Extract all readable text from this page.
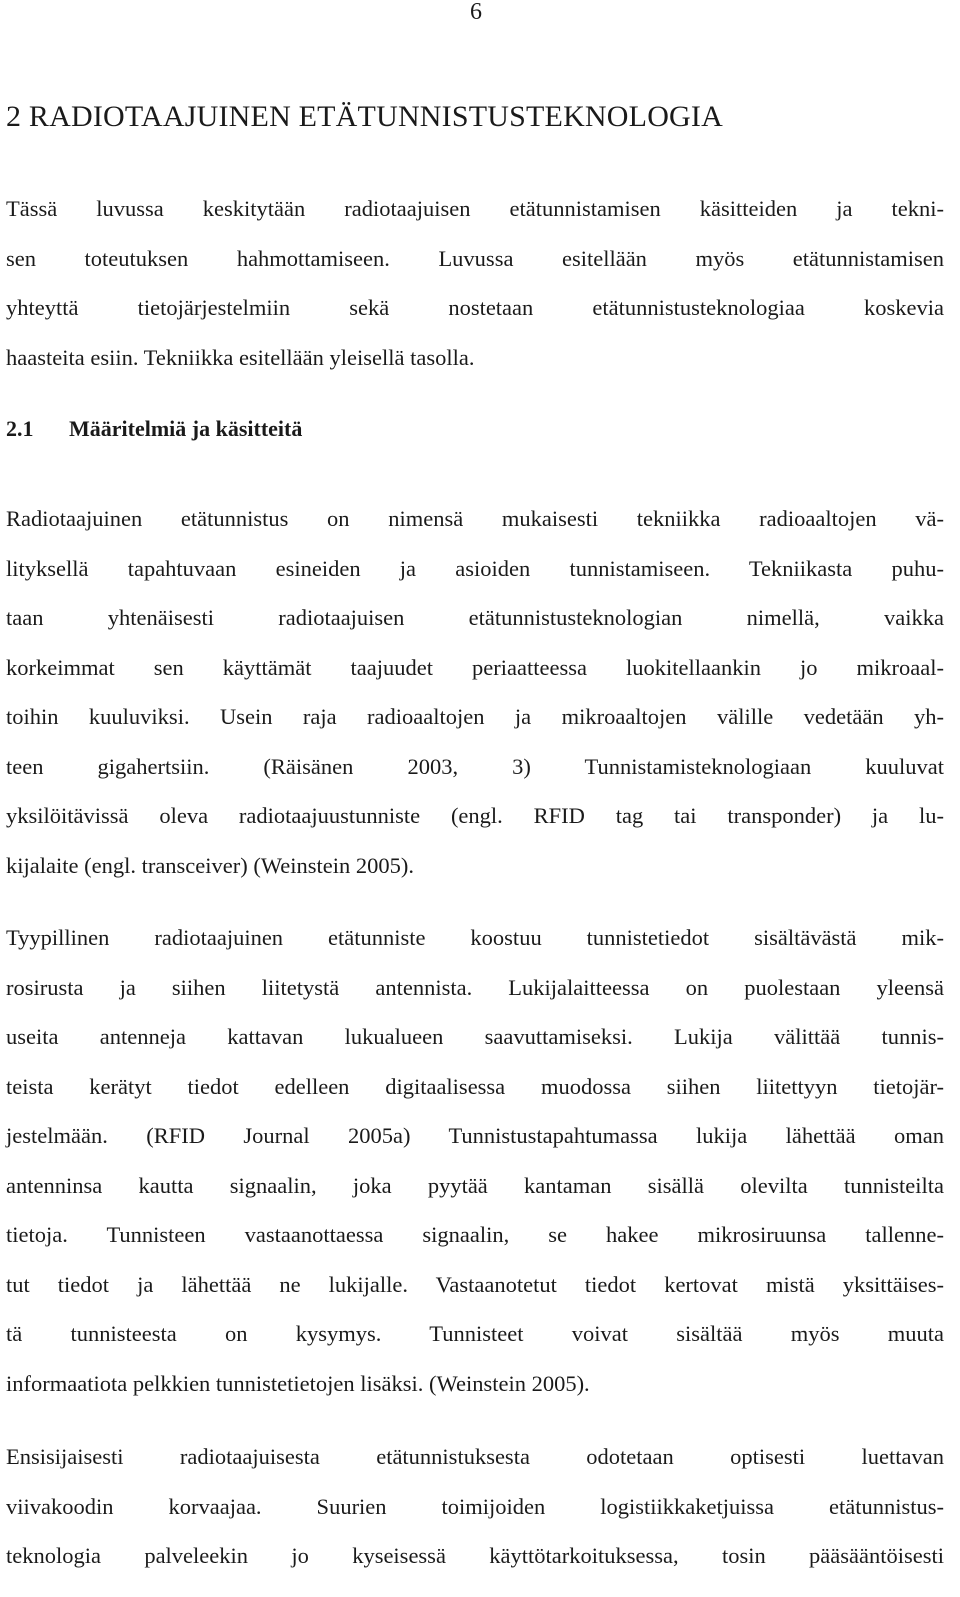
6
2 RADIOTAAJUINEN ETÄTUNNISTUSTEKNOLOGIA
Tässä luvussa keskitytään radiotaajuisen etätunnistamisen käsitteiden ja tekni-
sen toteutuksen hahmottamiseen. Luvussa esitellään myös etätunnistamisen
yhteyttä tietojärjestelmiin sekä nostetaan etätunnistusteknologiaa koskevia
haasteita esiin. Tekniikka esitellään yleisellä tasolla.
2.1 Määritelmiä ja käsitteitä
Radiotaajuinen etätunnistus on nimensä mukaisesti tekniikka radioaaltojen vä-
lityksellä tapahtuvaan esineiden ja asioiden tunnistamiseen. Tekniikasta puhu-
taan yhtenäisesti radiotaajuisen etätunnistusteknologian nimellä, vaikka
korkeimmat sen käyttämät taajuudet periaatteessa luokitellaankin jo mikroaal-
toihin kuuluviksi. Usein raja radioaaltojen ja mikroaaltojen välille vedetään yh-
teen gigahertsiin. (Räisänen 2003, 3) Tunnistamisteknologiaan kuuluvat
yksilöitävissä oleva radiotaajuustunniste (engl. RFID tag tai transponder) ja lu-
kijalaite (engl. transceiver) (Weinstein 2005).
Tyypillinen radiotaajuinen etätunniste koostuu tunnistetiedot sisältävästä mik-
rosirusta ja siihen liitetystä antennista. Lukijalaitteessa on puolestaan yleensä
useita antenneja kattavan lukualueen saavuttamiseksi. Lukija välittää tunnis-
teista kerätyt tiedot edelleen digitaalisessa muodossa siihen liitettyyn tietojär-
jestelmään. (RFID Journal 2005a) Tunnistustapahtumassa lukija lähettää oman
antenninsa kautta signaalin, joka pyytää kantaman sisällä olevilta tunnisteilta
tietoja. Tunnisteen vastaanottaessa signaalin, se hakee mikrosiruunsa tallenne-
tut tiedot ja lähettää ne lukijalle. Vastaanotetut tiedot kertovat mistä yksittäises-
tä tunnisteesta on kysymys. Tunnisteet voivat sisältää myös muuta
informaatiota pelkkien tunnistetietojen lisäksi. (Weinstein 2005).
Ensisijaisesti radiotaajuisesta etätunnistuksesta odotetaan optisesti luettavan
viivakoodin korvaajaa. Suurien toimijoiden logistiikkaketjuissa etätunnistus-
teknologia palveleekin jo kyseisessä käyttötarkoituksessa, tosin pääsääntöisesti
